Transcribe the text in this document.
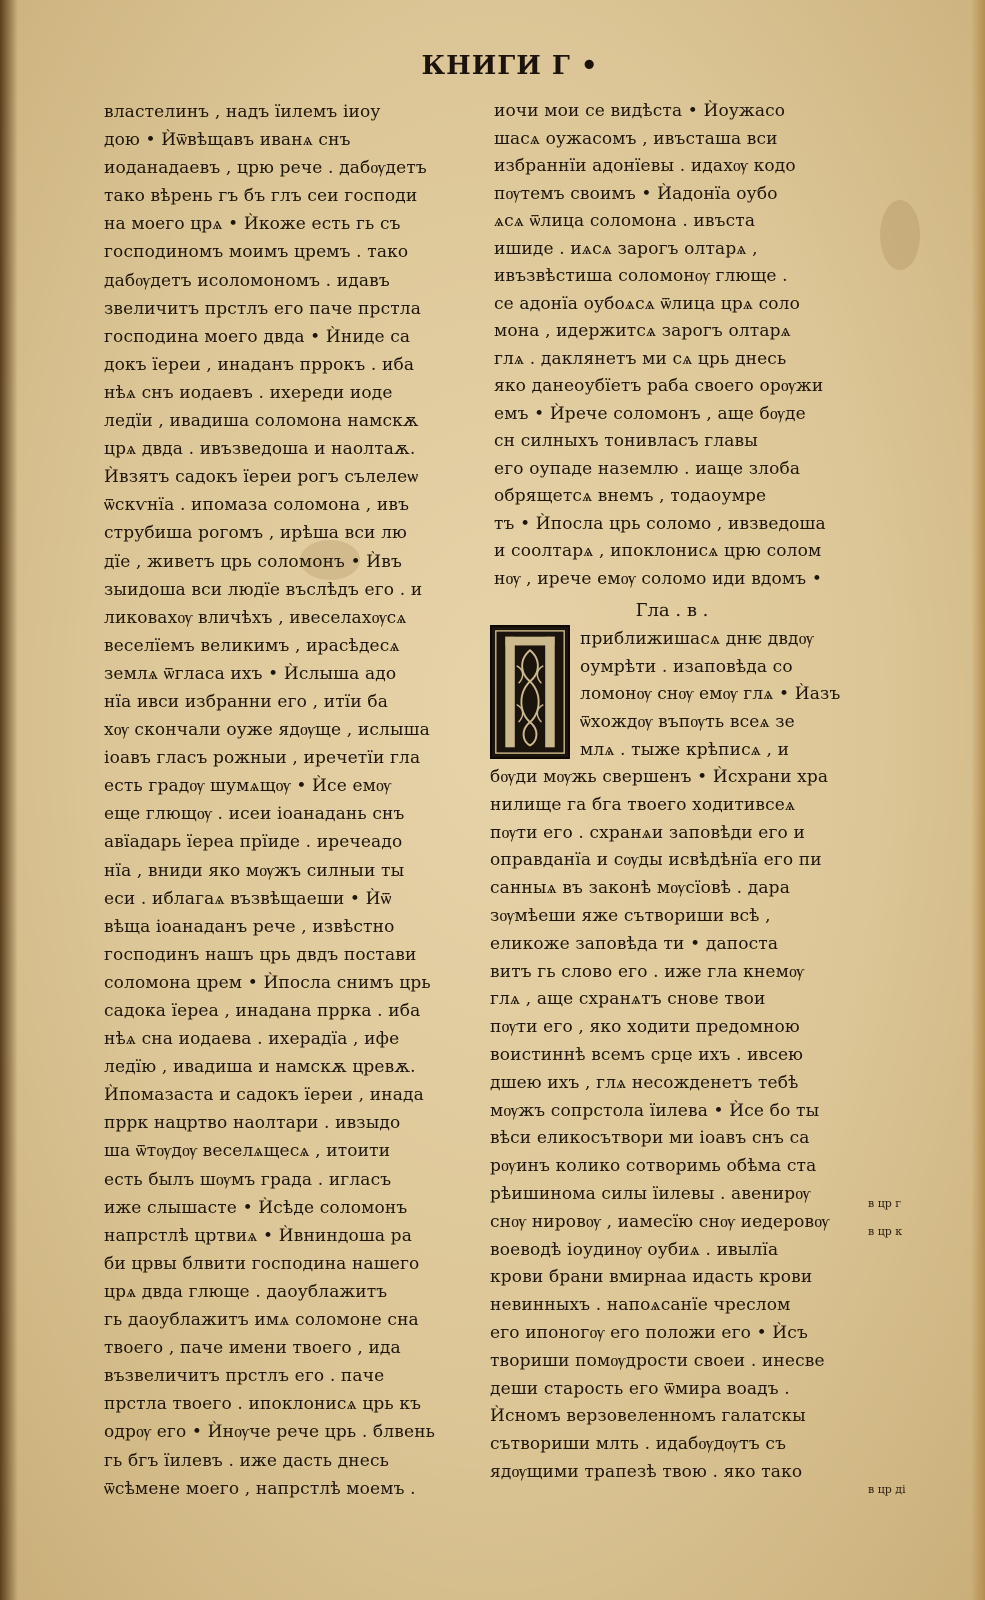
КНИГИ Г •
властелинъ , надъ їилемъ іиоу
дою • Ѝѿвѣщавъ иванѧ снъ
иоданадаевъ , црю рече . дабѹдетъ
тако вѣрень гъ бъ глъ сеи господи
на моего црѧ • Ѝкоже есть гь съ
господиномъ моимъ цремъ . тако
дабѹдетъ исоломономъ . идавъ
звеличитъ прстлъ его паче прстла
господина моего двда • Ѝниде са
докъ їереи , инаданъ пррокъ . иба
нѣѧ снъ иодаевъ . ихереди иоде
ледїи , ивадиша соломона намскѫ
црѧ двда . ивъзведоша и наолтаѫ.
Ѝвзятъ садокъ їереи рогъ сълелеѡ
ѿскѵнїа . ипомаза соломона , ивъ
струбиша рогомъ , ирѣша вси лю
дїе , живетъ црь соломонъ • Ѝвъ
зыидоша вси людїе въслѣдъ его . и
ликовахѹ вличѣхъ , ивеселахѹсѧ
веселїемъ великимъ , ирасѣдесѧ
землѧ ѿгласа ихъ • Ѝслыша адо
нїа ивси избранни его , итїи ба
хѹ скончали оуже ядѹще , ислыша
іоавъ гласъ рожныи , иречетїи гла
есть градѹ шумѧщѹ • Ѝсе емѹ
еще глющѹ . исеи іоанадань снъ
авїадарь їереа прїиде . иречеадо
нїа , вниди яко мѹжъ силныи ты
еси . иблагаѧ възвѣщаеши • Ѝѿ
вѣща іоанаданъ рече , извѣстно
господинъ нашъ црь двдъ постави
соломона црем • Ѝпосла снимъ црь
садока їереа , инадана пррка . иба
нѣѧ сна иодаева . ихерадїа , ифе
ледїю , ивадиша и намскѫ цревѫ.
Ѝпомазаста и садокъ їереи , инада
пррк нацртво наолтари . ивзыдо
ша ѿтѹдѹ веселѧщесѧ , итоити
есть былъ шѹмъ града . игласъ
иже слышасте • Ѝсѣде соломонъ
напрстлѣ цртвиѧ • Ѝвниндоша ра
би црвы блвити господина нашего
црѧ двда глюще . даоублажитъ
гь даоублажитъ имѧ соломоне сна
твоего , паче имени твоего , ида
възвеличитъ прстлъ его . паче
прстла твоего . ипоклонисѧ црь къ
одрѹ его • Ѝнѹче рече црь . блвень
гь бгъ їилевъ . иже дасть днесь
ѿсѣмене моего , напрстлѣ моемъ .
иочи мои се видѣста • Ѝоужасо
шасѧ оужасомъ , ивъсташа вси
избраннїи адонїевы . идахѹ кодо
пѹтемъ своимъ • Ѝадонїа оубо
ѧсѧ ѿлица соломона . ивъста
ишиде . иѧсѧ зарогъ олтарѧ ,
ивъзвѣстиша соломонѹ глюще .
се адонїа оубоѧсѧ ѿлица црѧ соло
мона , идержитсѧ зарогъ олтарѧ
глѧ . даклянетъ ми сѧ црь днесь
яко данеоубїетъ раба своего орѹжи
емъ • Ѝрече соломонъ , аще бѹде
сн силныхъ тонивласъ главы
его оупаде наземлю . иаще злоба
обрящетсѧ внемъ , тодаоумре
тъ • Ѝпосла црь соломо , ивзведоша
и соолтарѧ , ипоклонисѧ црю солом
нѹ , ирече емѹ соломо иди вдомъ •
Гла . в .
приближишасѧ днѥ двдѹ
оумрѣти . изаповѣда со
ломонѹ снѹ емѹ глѧ • Ѝазъ
ѿхождѹ въпѹть всеѧ зе
млѧ . тыже крѣписѧ , и
бѹди мѹжь свершенъ • Ѝсхрани хра
нилище га бга твоего ходитивсеѧ
пѹти его . схранѧи заповѣди его и
оправданїа и сѹды исвѣдѣнїа его пи
санныѧ въ законѣ мѹсїовѣ . дара
зѹмѣеши яже сътвориши всѣ ,
еликоже заповѣда ти • дапоста
витъ гь слово его . иже гла кнемѹ
глѧ , аще схранѧтъ снове твои
пѹти его , яко ходити предомною
воистиннѣ всемъ срце ихъ . ивсею
дшею ихъ , глѧ несожденетъ тебѣ
мѹжъ сопрстола їилева • Ѝсе бо ты
вѣси еликосътвори ми іоавъ снъ са
рѹинъ колико сотворимь обѣма ста
рѣишинома силы їилевы . авенирѹ
снѹ нировѹ , иамесїю снѹ иедеровѹ
воеводѣ іоудинѹ оубиѧ . ивылїа
крови брани вмирнаа идасть крови
невинныхъ . напоѧсанїе чреслом
его ипоногѹ его положи его • Ѝсъ
твориши помѹдрости своеи . инесве
деши старость его ѿмира воадъ .
Ѝсномъ верзовеленномъ галатскы
сътвориши млть . идабѹдѹтъ съ
ядѹщими трапезѣ твою . яко тако
в цр г
в цр к
в цр ді
